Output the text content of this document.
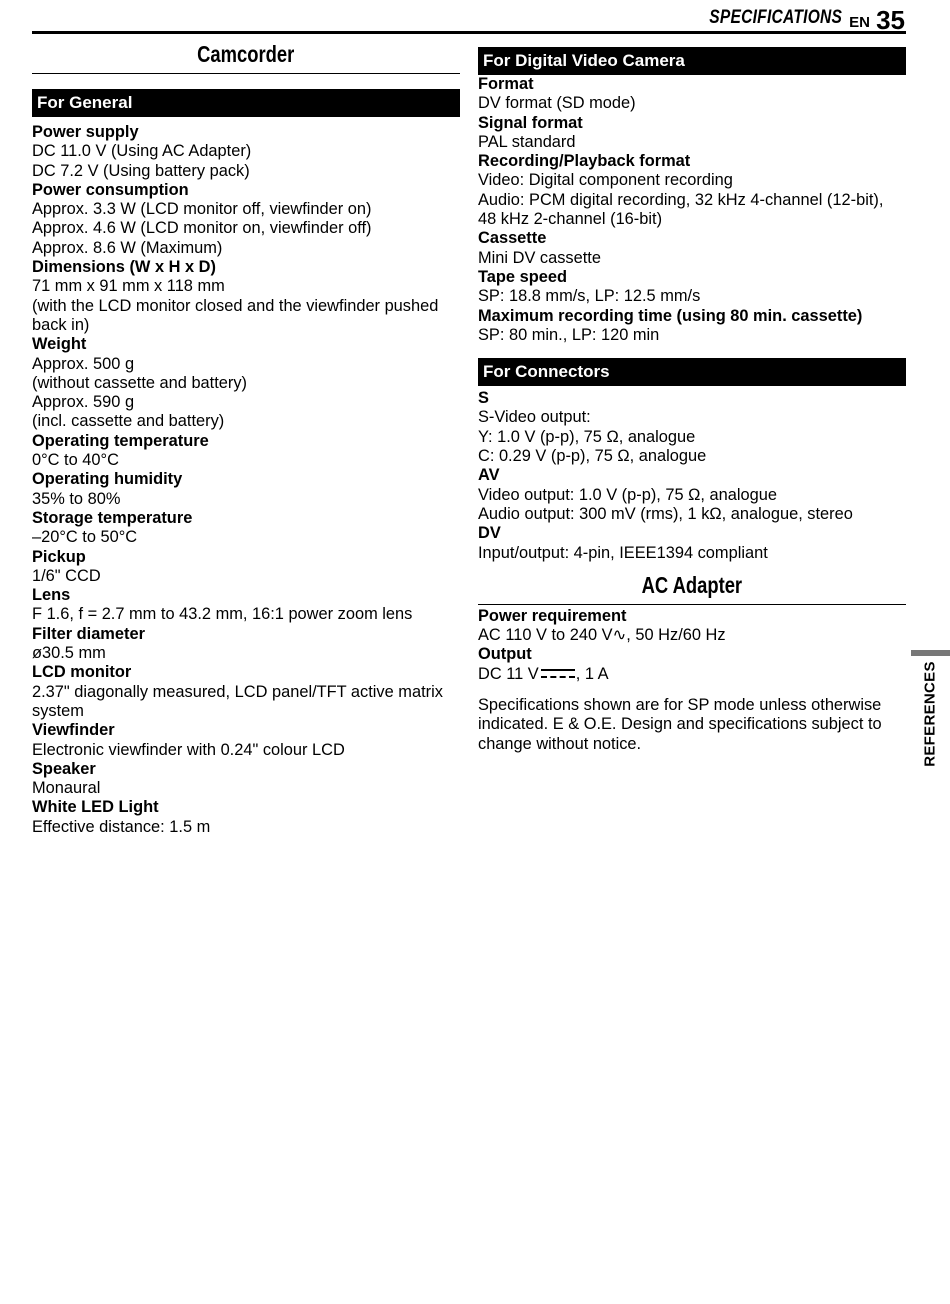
SPECIFICATIONS EN 35
Camcorder
For General
Power supply
DC 11.0 V (Using AC Adapter)
DC 7.2 V (Using battery pack)
Power consumption
Approx. 3.3 W (LCD monitor off, viewfinder on)
Approx. 4.6 W (LCD monitor on, viewfinder off)
Approx. 8.6 W (Maximum)
Dimensions (W x H x D)
71 mm x 91 mm x 118 mm
(with the LCD monitor closed and the viewfinder pushed back in)
Weight
Approx. 500 g
(without cassette and battery)
Approx. 590 g
(incl. cassette and battery)
Operating temperature
0°C to 40°C
Operating humidity
35% to 80%
Storage temperature
–20°C to 50°C
Pickup
1/6" CCD
Lens
F 1.6, f = 2.7 mm to 43.2 mm, 16:1 power zoom lens
Filter diameter
ø30.5 mm
LCD monitor
2.37" diagonally measured, LCD panel/TFT active matrix system
Viewfinder
Electronic viewfinder with 0.24" colour LCD
Speaker
Monaural
White LED Light
Effective distance: 1.5 m
For Digital Video Camera
Format
DV format (SD mode)
Signal format
PAL standard
Recording/Playback format
Video: Digital component recording
Audio: PCM digital recording, 32 kHz 4-channel (12-bit), 48 kHz 2-channel (16-bit)
Cassette
Mini DV cassette
Tape speed
SP: 18.8 mm/s, LP: 12.5 mm/s
Maximum recording time (using 80 min. cassette)
SP: 80 min., LP: 120 min
For Connectors
S
S-Video output:
Y: 1.0 V (p-p), 75 Ω, analogue
C: 0.29 V (p-p), 75 Ω, analogue
AV
Video output: 1.0 V (p-p), 75 Ω, analogue
Audio output: 300 mV (rms), 1 kΩ, analogue, stereo
DV
Input/output: 4-pin, IEEE1394 compliant
AC Adapter
Power requirement
AC 110 V to 240 V∿, 50 Hz/60 Hz
Output
DC 11 V , 1 A
Specifications shown are for SP mode unless otherwise indicated. E & O.E. Design and specifications subject to change without notice.	REFERENCES
